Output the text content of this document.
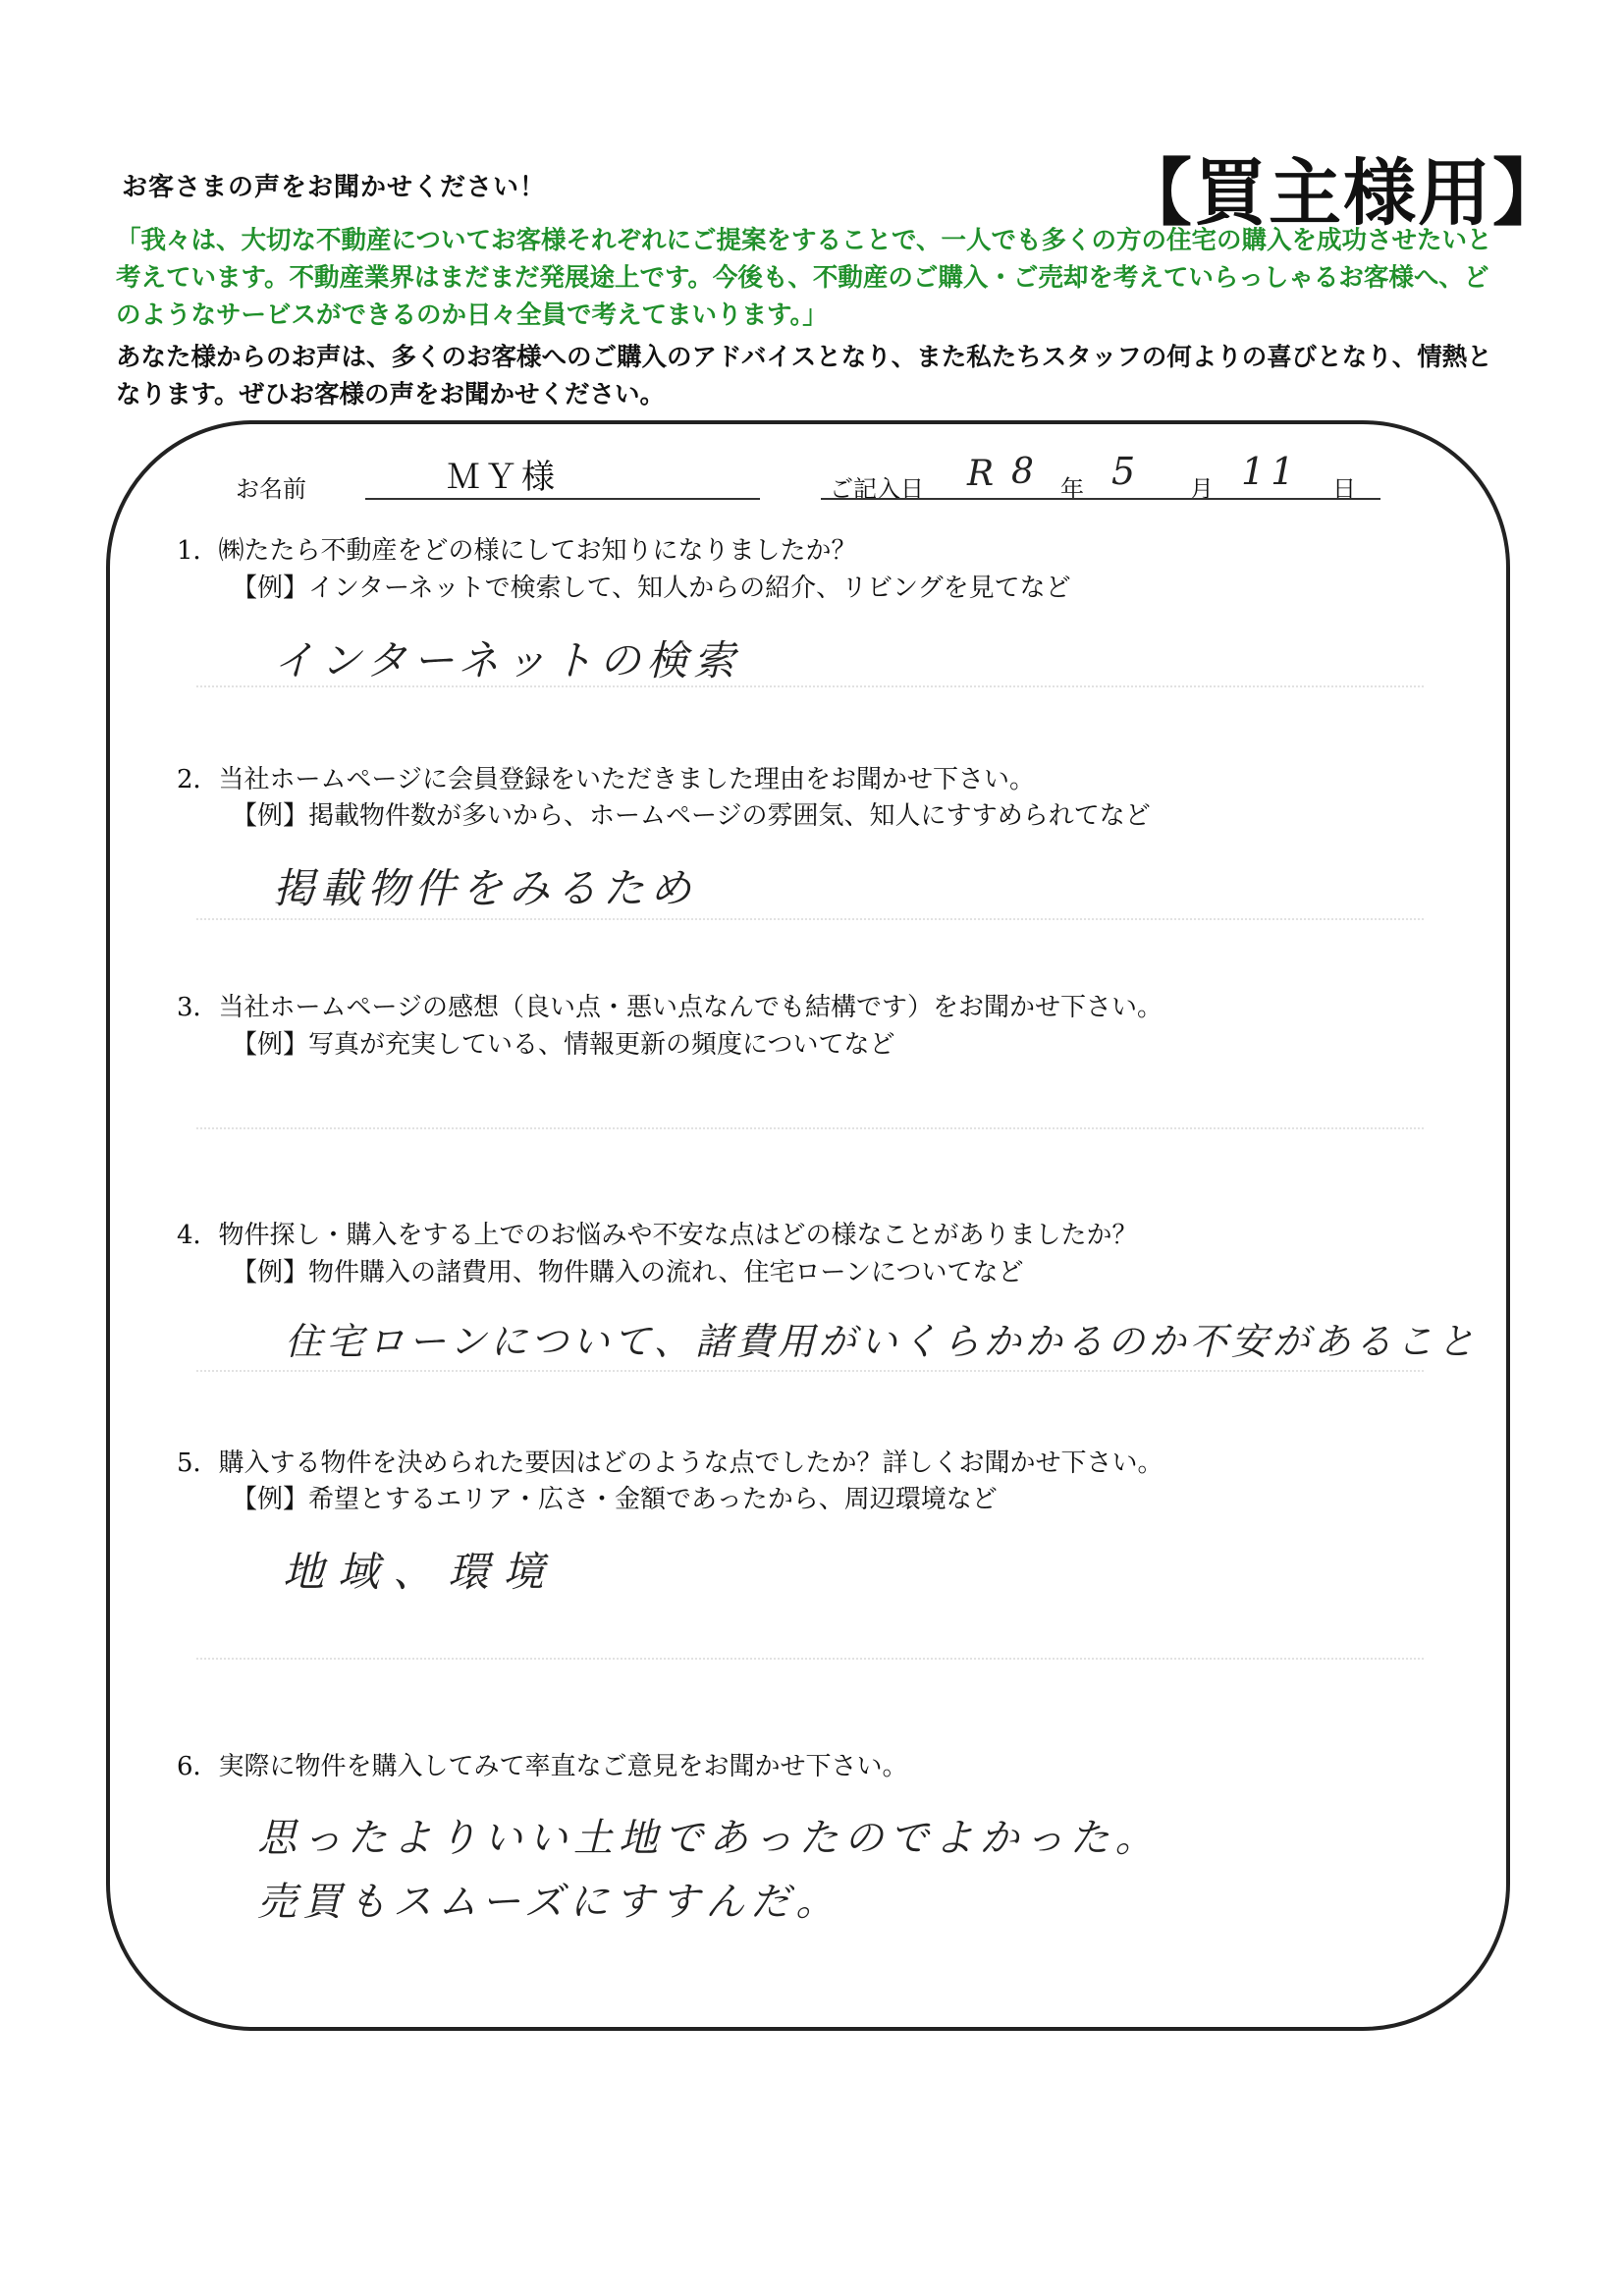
お客さまの声をお聞かせください！	【買主様用】
「我々は、大切な不動産についてお客様それぞれにご提案をすることで、一人でも多くの方の住宅の購入を成功させたいと考えています。不動産業界はまだまだ発展途上です。今後も、不動産のご購入・ご売却を考えていらっしゃるお客様へ、どのようなサービスができるのか日々全員で考えてまいります。」
あなた様からのお声は、多くのお客様へのご購入のアドバイスとなり、また私たちスタッフの何よりの喜びとなり、情熱となります。ぜひお客様の声をお聞かせください。
お名前	ＭＹ様	ご記入日 R 8 年 5 月 11 日
1．㈱たたら不動産をどの様にしてお知りになりましたか？
【例】インターネットで検索して、知人からの紹介、リビングを見てなど
インターネットの検索
2．当社ホームページに会員登録をいただきました理由をお聞かせ下さい。
【例】掲載物件数が多いから、ホームページの雰囲気、知人にすすめられてなど
掲載物件をみるため
3．当社ホームページの感想（良い点・悪い点なんでも結構です）をお聞かせ下さい。
【例】写真が充実している、情報更新の頻度についてなど
4．物件探し・購入をする上でのお悩みや不安な点はどの様なことがありましたか？
【例】物件購入の諸費用、物件購入の流れ、住宅ローンについてなど
住宅ローンについて、諸費用がいくらかかるのか不安があること
5．購入する物件を決められた要因はどのような点でしたか？詳しくお聞かせ下さい。
【例】希望とするエリア・広さ・金額であったから、周辺環境など
地域、環境
6．実際に物件を購入してみて率直なご意見をお聞かせ下さい。
思ったよりいい土地であったのでよかった。
売買もスムーズにすすんだ。
